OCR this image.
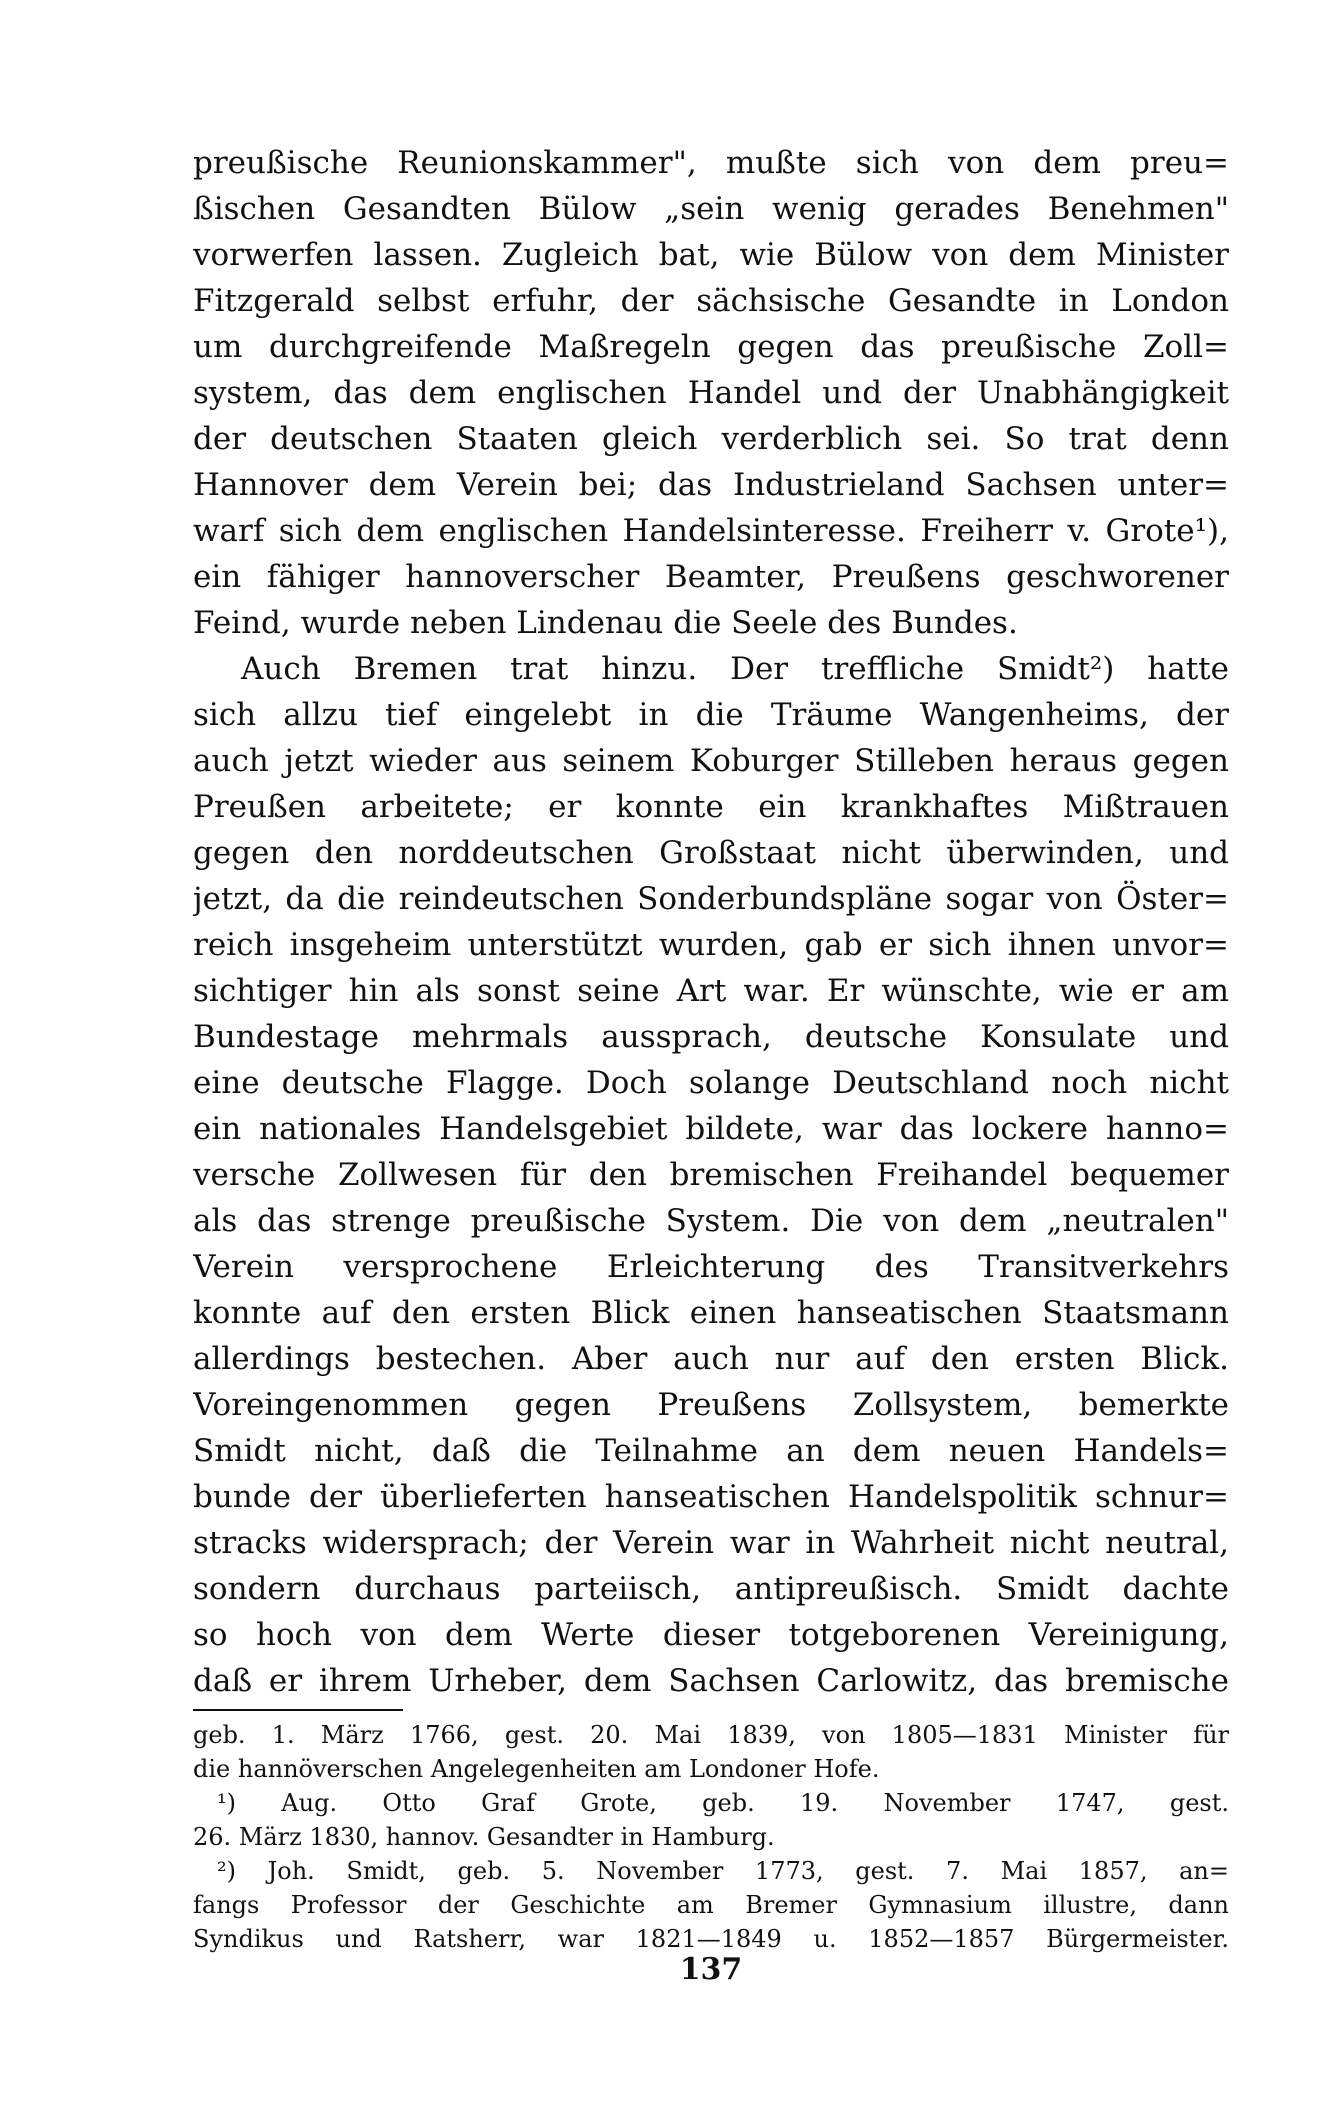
preußische Reunionskammer", mußte sich von dem preu=
ßischen Gesandten Bülow „sein wenig gerades Benehmen"
vorwerfen lassen. Zugleich bat, wie Bülow von dem Minister
Fitzgerald selbst erfuhr, der sächsische Gesandte in London
um durchgreifende Maßregeln gegen das preußische Zoll=
system, das dem englischen Handel und der Unabhängigkeit
der deutschen Staaten gleich verderblich sei. So trat denn
Hannover dem Verein bei; das Industrieland Sachsen unter=
warf sich dem englischen Handelsinteresse. Freiherr v. Grote¹),
ein fähiger hannoverscher Beamter, Preußens geschworener
Feind, wurde neben Lindenau die Seele des Bundes.
Auch Bremen trat hinzu. Der treffliche Smidt²) hatte
sich allzu tief eingelebt in die Träume Wangenheims, der
auch jetzt wieder aus seinem Koburger Stilleben heraus gegen
Preußen arbeitete; er konnte ein krankhaftes Mißtrauen
gegen den norddeutschen Großstaat nicht überwinden, und
jetzt, da die reindeutschen Sonderbundspläne sogar von Öster=
reich insgeheim unterstützt wurden, gab er sich ihnen unvor=
sichtiger hin als sonst seine Art war. Er wünschte, wie er am
Bundestage mehrmals aussprach, deutsche Konsulate und
eine deutsche Flagge. Doch solange Deutschland noch nicht
ein nationales Handelsgebiet bildete, war das lockere hanno=
versche Zollwesen für den bremischen Freihandel bequemer
als das strenge preußische System. Die von dem „neutralen"
Verein versprochene Erleichterung des Transitverkehrs
konnte auf den ersten Blick einen hanseatischen Staatsmann
allerdings bestechen. Aber auch nur auf den ersten Blick.
Voreingenommen gegen Preußens Zollsystem, bemerkte
Smidt nicht, daß die Teilnahme an dem neuen Handels=
bunde der überlieferten hanseatischen Handelspolitik schnur=
stracks widersprach; der Verein war in Wahrheit nicht neutral,
sondern durchaus parteiisch, antipreußisch. Smidt dachte
so hoch von dem Werte dieser totgeborenen Vereinigung,
daß er ihrem Urheber, dem Sachsen Carlowitz, das bremische
geb. 1. März 1766, gest. 20. Mai 1839, von 1805—1831 Minister für
die hannöverschen Angelegenheiten am Londoner Hofe.
¹) Aug. Otto Graf Grote, geb. 19. November 1747, gest.
26. März 1830, hannov. Gesandter in Hamburg.
²) Joh. Smidt, geb. 5. November 1773, gest. 7. Mai 1857, an=
fangs Professor der Geschichte am Bremer Gymnasium illustre, dann
Syndikus und Ratsherr, war 1821—1849 u. 1852—1857 Bürgermeister.
137
